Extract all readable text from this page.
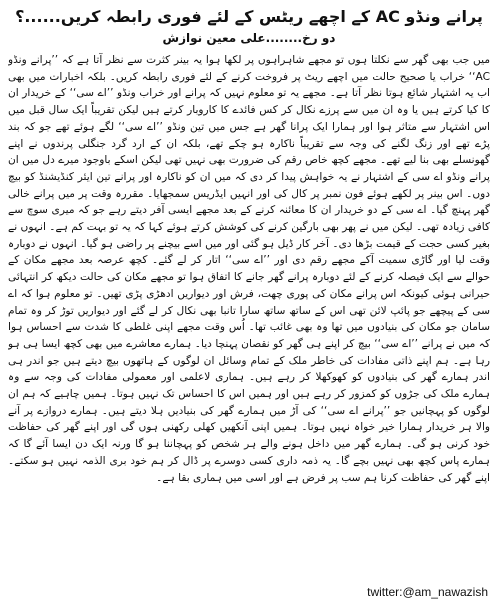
پرانے ونڈو AC کے اچھے ریٹس کے لئے فوری رابطہ کریں......؟
دو رخ........علی معین نوازش

میں جب بھی گھر سے نکلتا ہوں تو مجھے شاہراہوں پر لکھا ہوا یہ بینر کثرت سے نظر آتا ہے کہ ’’پرانے ونڈو AC‘‘ خراب یا صحیح حالت میں اچھے ریٹ پر فروخت کرنے کے لئے فوری رابطہ کریں۔ بلکہ اخبارات میں بھی اب یہ اشتہار شائع ہوتا نظر آتا ہے۔ مجھے یہ تو معلوم نہیں کہ پرانے اور خراب ونڈو ’’اے سی‘‘ کے خریدار ان کا کیا کرتے ہیں یا وہ ان میں سے پرزے نکال کر کس فائدے کا کاروبار کرتے ہیں لیکن تقریباً ایک سال قبل میں اس اشتہار سے متاثر ہوا اور ہمارا ایک پرانا گھر ہے جس میں تین ونڈو ’’اے سی‘‘ لگے ہوئے تھے جو کہ بند پڑے تھے اور زنگ لگنے کی وجہ سے تقریباً ناکارہ ہو چکے تھے، بلکہ ان کے ارد گرد جنگلی پرندوں نے اپنے گھونسلے بھی بنا لیے تھے۔ مجھے کچھ خاص رقم کی ضرورت بھی نہیں تھی لیکن اسکے باوجود میرے دل میں ان پرانے ونڈو اے سی کے اشتہار نے یہ خواہش پیدا کر دی کہ میں ان کو ناکارہ اور پرانے تین ایئر کنڈیشنڈ کو بیچ دوں۔ اس بینر پر لکھے ہوئے فون نمبر پر کال کی اور انہیں ایڈریس سمجھایا۔ مقررہ وقت پر میں پرانے خالی گھر پہنچ گیا۔ اے سی کے دو خریدار ان کا معائنہ کرنے کے بعد مجھے ایسی آفر دیتے رہے جو کہ میری سوچ سے کافی زیادہ تھی۔ لیکن میں نے پھر بھی بارگین کرنے کی کوشش کرتے ہوئے کہا کہ یہ تو بہت کم ہے۔ انہوں نے بغیر کسی حجت کے قیمت بڑھا دی۔ آخر کار ڈیل ہو گئی اور میں اسے بیچنے پر راضی ہو گیا۔ انہوں نے دوبارہ وقت لیا اور گاڑی سمیت آکے مجھے رقم دی اور ’’اے سی‘‘ اتار کر لے گئے۔ کچھ عرصہ بعد مجھے مکان کے حوالے سے ایک فیصلہ کرنے کے لئے دوبارہ پرانے گھر جانے کا اتفاق ہوا تو مجھے مکان کی حالت دیکھ کر انتہائی حیرانی ہوئی کیونکہ اس پرانے مکان کی پوری چھت، فرش اور دیواریں ادھڑی پڑی تھیں۔ تو معلوم ہوا کہ اے سی کے پیچھے جو پائپ لائن تھی اس کے ساتھ ساتھ سارا تانبا بھی نکال کر لے گئے اور دیواریں توڑ کر وہ تمام سامان جو مکان کی بنیادوں میں تھا وہ بھی غائب تھا۔ اُس وقت مجھے اپنی غلطی کا شدت سے احساس ہوا کہ میں نے پرانے ’’اے سی‘‘ بیچ کر اپنے ہی گھر کو نقصان پہنچا دیا۔ ہمارے معاشرے میں بھی کچھ ایسا ہی ہو رہا ہے۔ ہم اپنے ذاتی مفادات کی خاطر ملک کے تمام وسائل ان لوگوں کے ہاتھوں بیچ دیتے ہیں جو اندر ہی اندر ہمارے گھر کی بنیادوں کو کھوکھلا کر رہے ہیں۔ ہماری لاعلمی اور معمولی مفادات کی وجہ سے وہ ہمارے ملک کی جڑوں کو کمزور کر رہے ہیں اور ہمیں اس کا احساس تک نہیں ہوتا۔ ہمیں چاہیے کہ ہم ان لوگوں کو پہچانیں جو ’’پرانے اے سی‘‘ کی آڑ میں ہمارے گھر کی بنیادیں ہلا دیتے ہیں۔ ہمارے دروازے پر آنے والا ہر خریدار ہمارا خیر خواہ نہیں ہوتا۔ ہمیں اپنی آنکھیں کھلی رکھنی ہوں گی اور اپنے گھر کی حفاظت خود کرنی ہو گی۔ ہمارے گھر میں داخل ہونے والے ہر شخص کو پہچاننا ہو گا ورنہ ایک دن ایسا آئے گا کہ ہمارے پاس کچھ بھی نہیں بچے گا۔ یہ ذمہ داری کسی دوسرے پر ڈال کر ہم خود بری الذمہ نہیں ہو سکتے۔ اپنے گھر کی حفاظت کرنا ہم سب پر فرض ہے اور اسی میں ہماری بقا ہے۔

twitter:@am_nawazish
